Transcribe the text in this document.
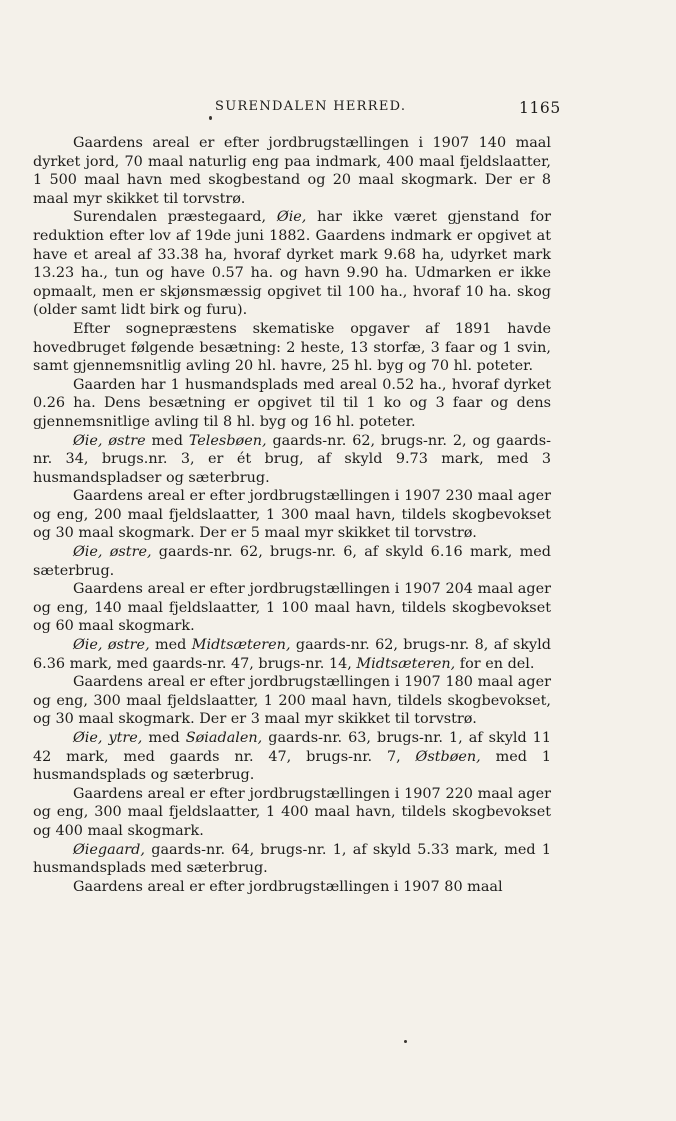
SURENDALEN HERRED.	1165

Gaardens areal er efter jordbrugstællingen i 1907 140 maal dyrket jord, 70 maal naturlig eng paa indmark, 400 maal fjeldslaatter, 1 500 maal havn med skogbestand og 20 maal skogmark. Der er 8 maal myr skikket til torvstrø.

Surendalen præstegaard, Øie, har ikke været gjenstand for reduktion efter lov af 19de juni 1882. Gaardens indmark er opgivet at have et areal af 33.38 ha, hvoraf dyrket mark 9.68 ha, udyrket mark 13.23 ha., tun og have 0.57 ha. og havn 9.90 ha. Udmarken er ikke opmaalt, men er skjønsmæssig opgivet til 100 ha., hvoraf 10 ha. skog (older samt lidt birk og furu).

Efter sognepræstens skematiske opgaver af 1891 havde hovedbruget følgende besætning: 2 heste, 13 storfæ, 3 faar og 1 svin, samt gjennemsnitlig avling 20 hl. havre, 25 hl. byg og 70 hl. poteter.

Gaarden har 1 husmandsplads med areal 0.52 ha., hvoraf dyrket 0.26 ha. Dens besætning er opgivet til til 1 ko og 3 faar og dens gjennemsnitlige avling til 8 hl. byg og 16 hl. poteter.

Øie, østre med Telesbøen, gaards-nr. 62, brugs-nr. 2, og gaards-nr. 34, brugs.nr. 3, er ét brug, af skyld 9.73 mark, med 3 husmandspladser og sæterbrug.

Gaardens areal er efter jordbrugstællingen i 1907 230 maal ager og eng, 200 maal fjeldslaatter, 1 300 maal havn, tildels skogbevokset og 30 maal skogmark. Der er 5 maal myr skikket til torvstrø.

Øie, østre, gaards-nr. 62, brugs-nr. 6, af skyld 6.16 mark, med sæterbrug.

Gaardens areal er efter jordbrugstællingen i 1907 204 maal ager og eng, 140 maal fjeldslaatter, 1 100 maal havn, tildels skogbevokset og 60 maal skogmark.

Øie, østre, med Midtsæteren, gaards-nr. 62, brugs-nr. 8, af skyld 6.36 mark, med gaards-nr. 47, brugs-nr. 14, Midtsæteren, for en del.

Gaardens areal er efter jordbrugstællingen i 1907 180 maal ager og eng, 300 maal fjeldslaatter, 1 200 maal havn, tildels skogbevokset, og 30 maal skogmark. Der er 3 maal myr skikket til torvstrø.

Øie, ytre, med Søiadalen, gaards-nr. 63, brugs-nr. 1, af skyld 11 42 mark, med gaards nr. 47, brugs-nr. 7, Østbøen, med 1 husmandsplads og sæterbrug.

Gaardens areal er efter jordbrugstællingen i 1907 220 maal ager og eng, 300 maal fjeldslaatter, 1 400 maal havn, tildels skogbevokset og 400 maal skogmark.

Øiegaard, gaards-nr. 64, brugs-nr. 1, af skyld 5.33 mark, med 1 husmandsplads med sæterbrug.

Gaardens areal er efter jordbrugstællingen i 1907 80 maal
